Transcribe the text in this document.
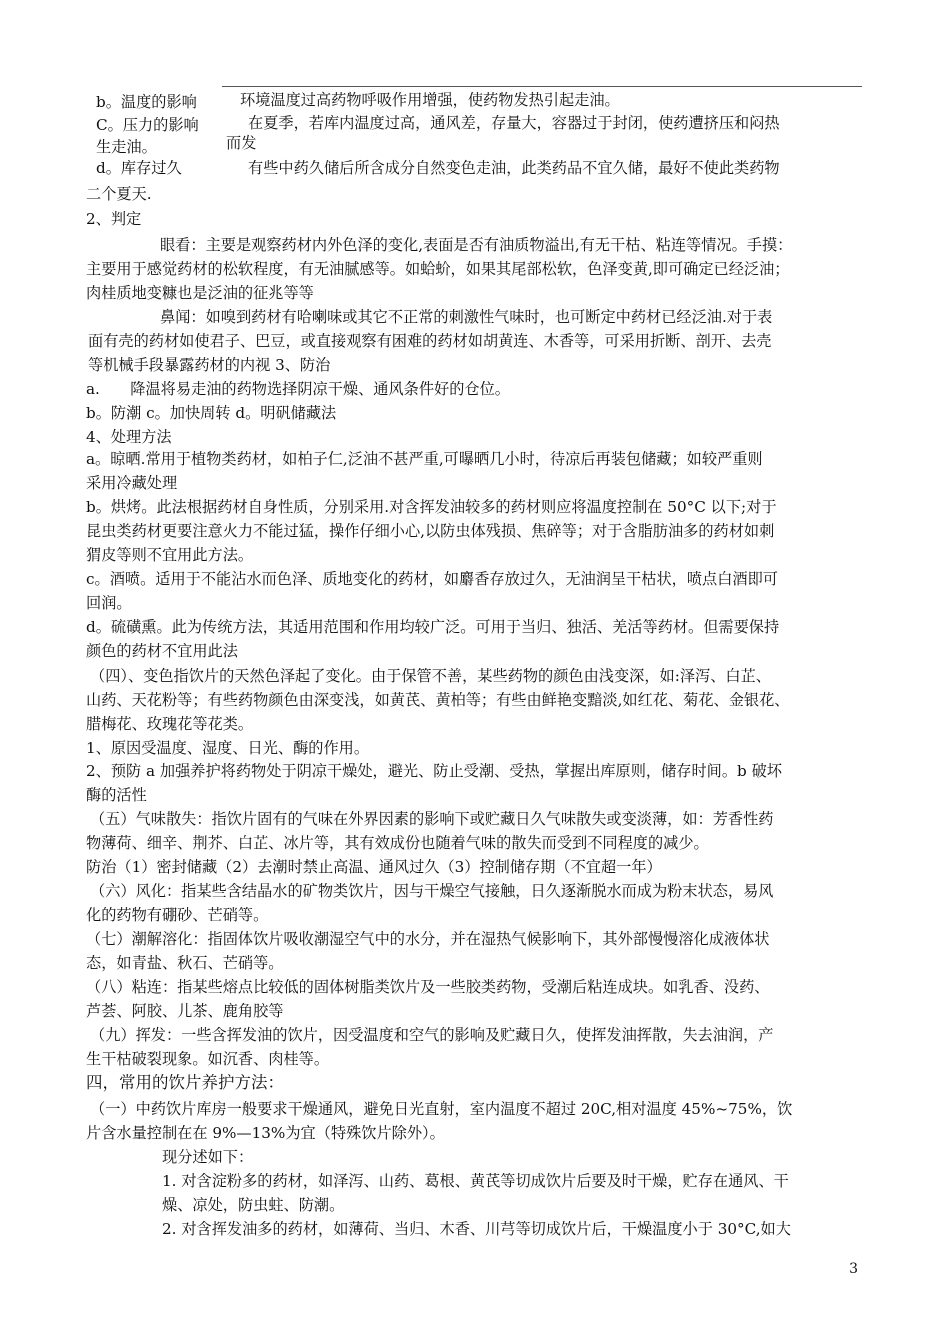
b。温度的影响
C。压力的影响
生走油。
d。库存过久
环境温度过高药物呼吸作用增强，使药物发热引起走油。
在夏季，若库内温度过高，通风差，存量大，容器过于封闭，使药遭挤压和闷热
而发
有些中药久储后所含成分自然变色走油，此类药品不宜久储，最好不使此类药物
二个夏天.
2、判定
眼看：主要是观察药材内外色泽的变化,表面是否有油质物溢出,有无干枯、粘连等情况。手摸：
主要用于感觉药材的松软程度，有无油腻感等。如蛤蚧，如果其尾部松软，色泽变黄,即可确定已经泛油；
肉桂质地变糠也是泛油的征兆等等
鼻闻：如嗅到药材有哈喇味或其它不正常的刺激性气味时，也可断定中药材已经泛油.对于表
面有壳的药材如使君子、巴豆，或直接观察有困难的药材如胡黄连、木香等，可采用折断、剖开、去壳
等机械手段暴露药材的内视 3、防治
a.　　降温将易走油的药物选择阴凉干燥、通风条件好的仓位。
b。防潮 c。加快周转 d。明矾储藏法
4、处理方法
a。晾晒.常用于植物类药材，如柏子仁,泛油不甚严重,可曝晒几小时，待凉后再装包储藏；如较严重则
采用冷藏处理
b。烘烤。此法根据药材自身性质，分别采用.对含挥发油较多的药材则应将温度控制在 50°C 以下;对于
昆虫类药材更要注意火力不能过猛，操作仔细小心,以防虫体残损、焦碎等；对于含脂肪油多的药材如刺
猬皮等则不宜用此方法。
c。酒喷。适用于不能沾水而色泽、质地变化的药材，如麝香存放过久，无油润呈干枯状，喷点白酒即可
回润。
d。硫磺熏。此为传统方法，其适用范围和作用均较广泛。可用于当归、独活、羌活等药材。但需要保持
颜色的药材不宜用此法
（四）、变色指饮片的天然色泽起了变化。由于保管不善，某些药物的颜色由浅变深，如:泽泻、白芷、
山药、天花粉等；有些药物颜色由深变浅，如黄芪、黄柏等；有些由鲜艳变黯淡,如红花、菊花、金银花、
腊梅花、玫瑰花等花类。
1、原因受温度、湿度、日光、酶的作用。
2、预防 a 加强养护将药物处于阴凉干燥处，避光、防止受潮、受热，掌握出库原则，储存时间。b 破坏
酶的活性
（五）气味散失：指饮片固有的气味在外界因素的影响下或贮藏日久气味散失或变淡薄，如：芳香性药
物薄荷、细辛、荆芥、白芷、冰片等，其有效成份也随着气味的散失而受到不同程度的减少。
防治（1）密封储藏（2）去潮时禁止高温、通风过久（3）控制储存期（不宜超一年）
（六）风化：指某些含结晶水的矿物类饮片，因与干燥空气接触，日久逐渐脱水而成为粉末状态，易风
化的药物有硼砂、芒硝等。
（七）潮解溶化：指固体饮片吸收潮湿空气中的水分，并在湿热气候影响下，其外部慢慢溶化成液体状
态，如青盐、秋石、芒硝等。
（八）粘连：指某些熔点比较低的固体树脂类饮片及一些胶类药物，受潮后粘连成块。如乳香、没药、
芦荟、阿胶、儿茶、鹿角胶等
（九）挥发：一些含挥发油的饮片，因受温度和空气的影响及贮藏日久，使挥发油挥散，失去油润，产
生干枯破裂现象。如沉香、肉桂等。
四，常用的饮片养护方法：
（一）中药饮片库房一般要求干燥通风，避免日光直射，室内温度不超过 20C,相对温度 45%~75%，饮
片含水量控制在在 9%—13%为宜（特殊饮片除外）。
现分述如下：
1. 对含淀粉多的药材，如泽泻、山药、葛根、黄芪等切成饮片后要及时干燥，贮存在通风、干
燥、凉处，防虫蛀、防潮。
2. 对含挥发油多的药材，如薄荷、当归、木香、川芎等切成饮片后，干燥温度小于 30°C,如大
3
